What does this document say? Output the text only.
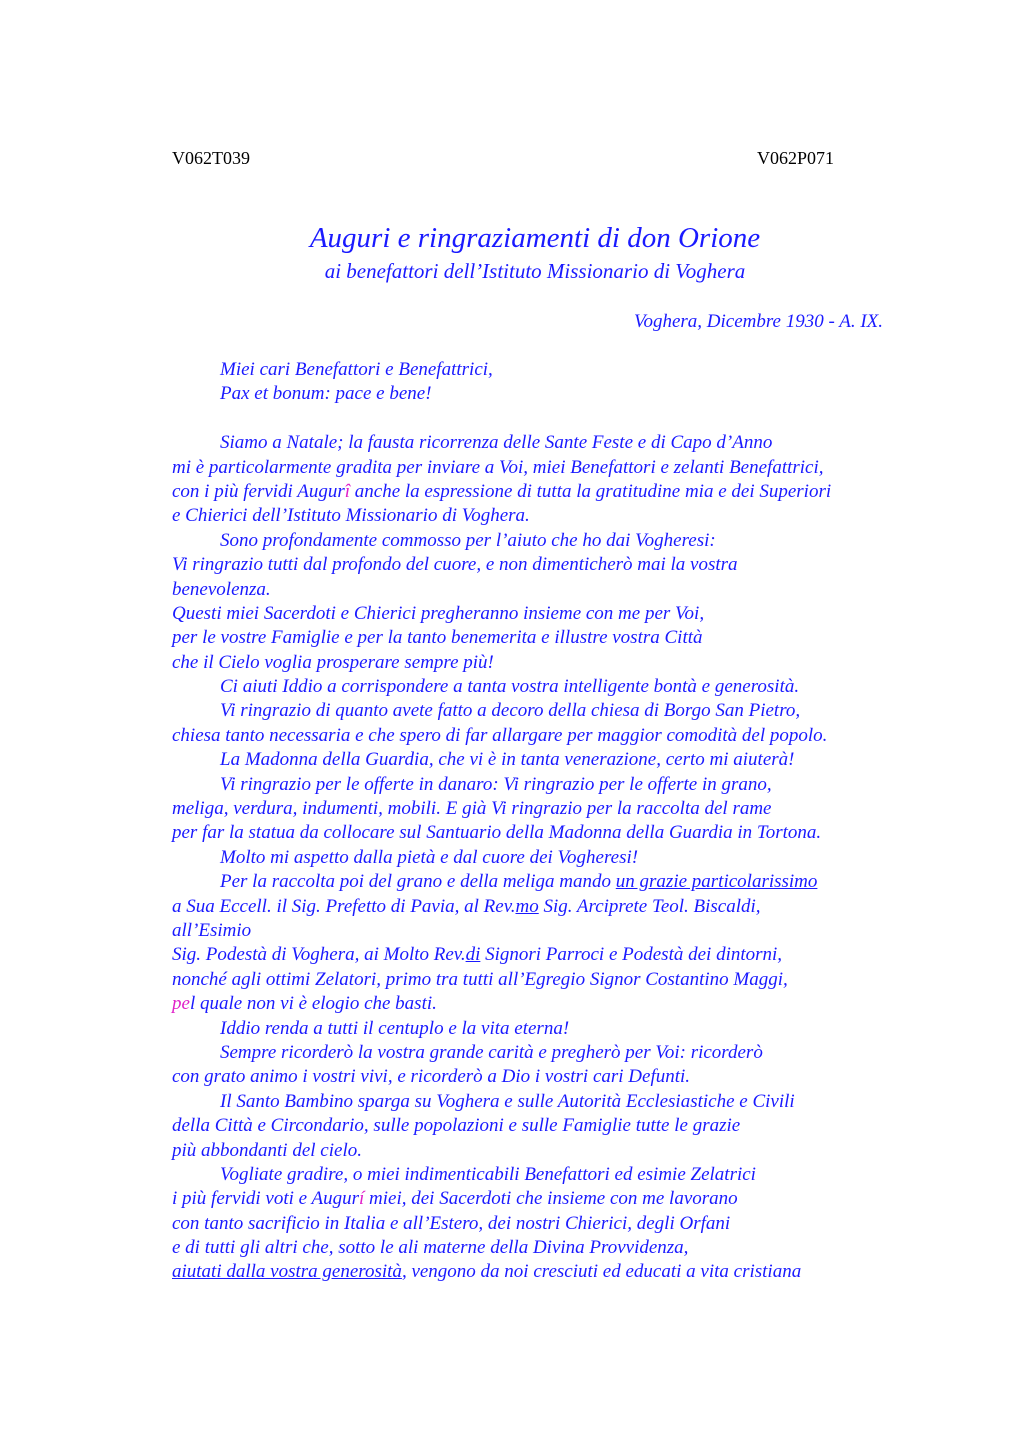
V062T039	V062P071
Auguri e ringraziamenti di don Orione
ai benefattori dell’Istituto Missionario di Voghera
Voghera, Dicembre 1930 - A. IX.
Miei cari Benefattori e Benefattrici,
Pax et bonum: pace e bene!
Siamo a Natale; la fausta ricorrenza delle Sante Feste e di Capo d’Anno
mi è particolarmente gradita per inviare a Voi, miei Benefattori e zelanti Benefattrici,
con i più fervidi Augurî anche la espressione di tutta la gratitudine mia e dei Superiori
e Chierici dell’Istituto Missionario di Voghera.
Sono profondamente commosso per l’aiuto che ho dai Vogheresi:
Vi ringrazio tutti dal profondo del cuore, e non dimenticherò mai la vostra
benevolenza.
Questi miei Sacerdoti e Chierici pregheranno insieme con me per Voi,
per le vostre Famiglie e per la tanto benemerita e illustre vostra Città
che il Cielo voglia prosperare sempre più!
Ci aiuti Iddio a corrispondere a tanta vostra intelligente bontà e generosità.
Vi ringrazio di quanto avete fatto a decoro della chiesa di Borgo San Pietro,
chiesa tanto necessaria e che spero di far allargare per maggior comodità del popolo.
La Madonna della Guardia, che vi è in tanta venerazione, certo mi aiuterà!
Vi ringrazio per le offerte in danaro: Vi ringrazio per le offerte in grano,
meliga, verdura, indumenti, mobili. E già Vi ringrazio per la raccolta del rame
per far la statua da collocare sul Santuario della Madonna della Guardia in Tortona.
Molto mi aspetto dalla pietà e dal cuore dei Vogheresi!
Per la raccolta poi del grano e della meliga mando un grazie particolarissimo
a Sua Eccell. il Sig. Prefetto di Pavia, al Rev.mo Sig. Arciprete Teol. Biscaldi,
all’Esimio
Sig. Podestà di Voghera, ai Molto Rev.di Signori Parroci e Podestà dei dintorni,
nonché agli ottimi Zelatori, primo tra tutti all’Egregio Signor Costantino Maggi,
pel quale non vi è elogio che basti.
Iddio renda a tutti il centuplo e la vita eterna!
Sempre ricorderò la vostra grande carità e pregherò per Voi: ricorderò
con grato animo i vostri vivi, e ricorderò a Dio i vostri cari Defunti.
Il Santo Bambino sparga su Voghera e sulle Autorità Ecclesiastiche e Civili
della Città e Circondario, sulle popolazioni e sulle Famiglie tutte le grazie
più abbondanti del cielo.
Vogliate gradire, o miei indimenticabili Benefattori ed esimie Zelatrici
i più fervidi voti e Augurí miei, dei Sacerdoti che insieme con me lavorano
con tanto sacrificio in Italia e all’Estero, dei nostri Chierici, degli Orfani
e di tutti gli altri che, sotto le ali materne della Divina Provvidenza,
aiutati dalla vostra generosità, vengono da noi cresciuti ed educati a vita cristiana
